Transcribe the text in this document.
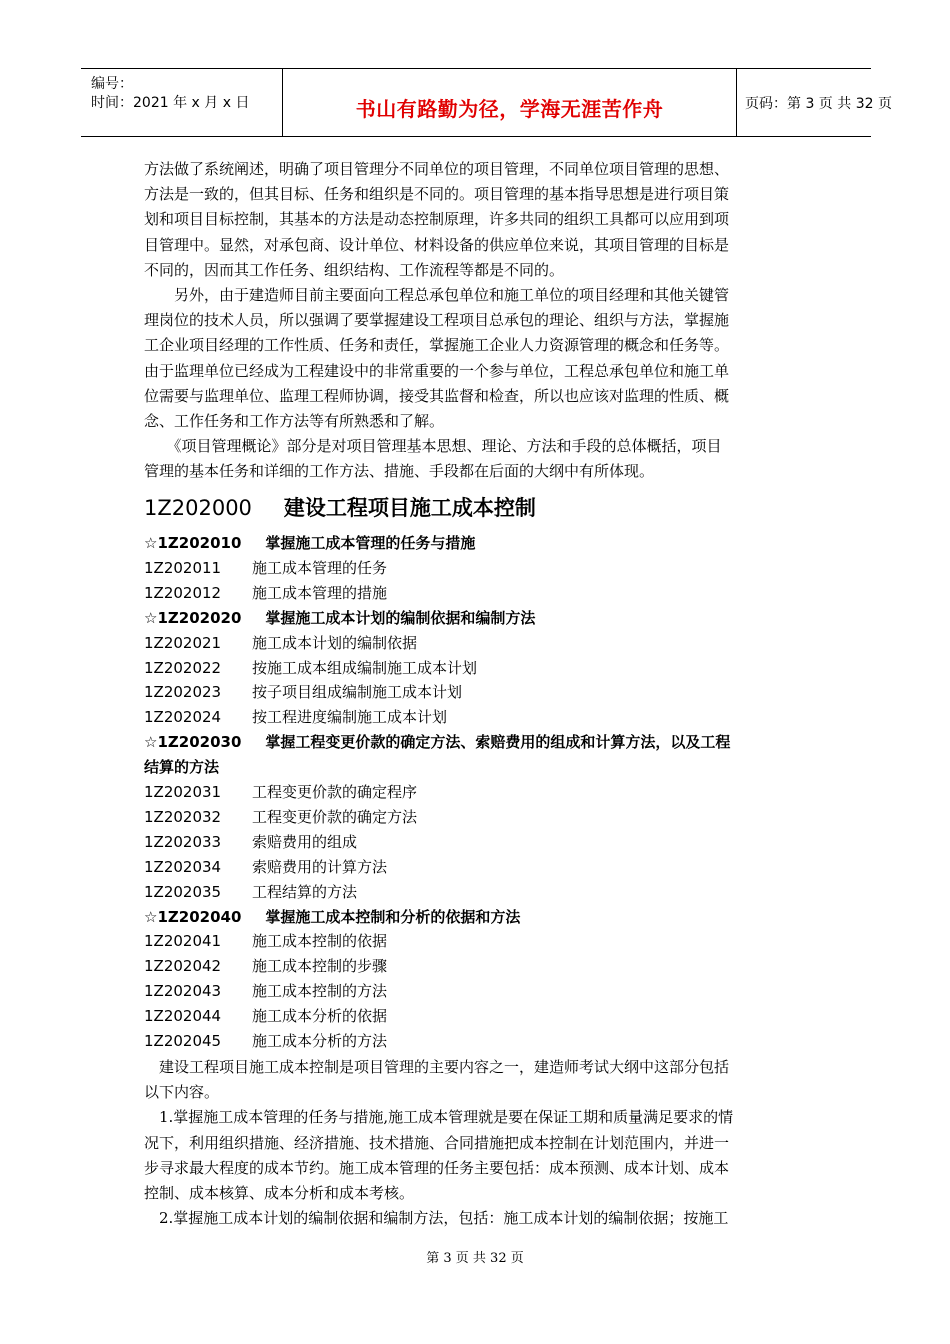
编号：
时间：2021 年 x 月 x 日	书山有路勤为径，学海无涯苦作舟	页码：第 3 页 共 32 页
方法做了系统阐述，明确了项目管理分不同单位的项目管理，不同单位项目管理的思想、
方法是一致的，但其目标、任务和组织是不同的。项目管理的基本指导思想是进行项目策
划和项目目标控制，其基本的方法是动态控制原理，许多共同的组织工具都可以应用到项
目管理中。显然，对承包商、设计单位、材料设备的供应单位来说，其项目管理的目标是
不同的，因而其工作任务、组织结构、工作流程等都是不同的。
　　另外，由于建造师目前主要面向工程总承包单位和施工单位的项目经理和其他关键管
理岗位的技术人员，所以强调了要掌握建设工程项目总承包的理论、组织与方法，掌握施
工企业项目经理的工作性质、任务和责任，掌握施工企业人力资源管理的概念和任务等。
由于监理单位已经成为工程建设中的非常重要的一个参与单位，工程总承包单位和施工单
位需要与监理单位、监理工程师协调，接受其监督和检查，所以也应该对监理的性质、概
念、工作任务和工作方法等有所熟悉和了解。
　　《项目管理概论》部分是对项目管理基本思想、理论、方法和手段的总体概括，项目
管理的基本任务和详细的工作方法、措施、手段都在后面的大纲中有所体现。
1Z202000 建设工程项目施工成本控制
☆1Z202010 掌握施工成本管理的任务与措施
1Z202011 施工成本管理的任务
1Z202012 施工成本管理的措施
☆1Z202020 掌握施工成本计划的编制依据和编制方法
1Z202021 施工成本计划的编制依据
1Z202022 按施工成本组成编制施工成本计划
1Z202023 按子项目组成编制施工成本计划
1Z202024 按工程进度编制施工成本计划
☆1Z202030 掌握工程变更价款的确定方法、索赔费用的组成和计算方法，以及工程
结算的方法
1Z202031 工程变更价款的确定程序
1Z202032 工程变更价款的确定方法
1Z202033 索赔费用的组成
1Z202034 索赔费用的计算方法
1Z202035 工程结算的方法
☆1Z202040 掌握施工成本控制和分析的依据和方法
1Z202041 施工成本控制的依据
1Z202042 施工成本控制的步骤
1Z202043 施工成本控制的方法
1Z202044 施工成本分析的依据
1Z202045 施工成本分析的方法
　建设工程项目施工成本控制是项目管理的主要内容之一，建造师考试大纲中这部分包括
以下内容。
　1.掌握施工成本管理的任务与措施,施工成本管理就是要在保证工期和质量满足要求的情
况下，利用组织措施、经济措施、技术措施、合同措施把成本控制在计划范围内，并进一
步寻求最大程度的成本节约。施工成本管理的任务主要包括：成本预测、成本计划、成本
控制、成本核算、成本分析和成本考核。
　2.掌握施工成本计划的编制依据和编制方法，包括：施工成本计划的编制依据；按施工
第 3 页 共 32 页
